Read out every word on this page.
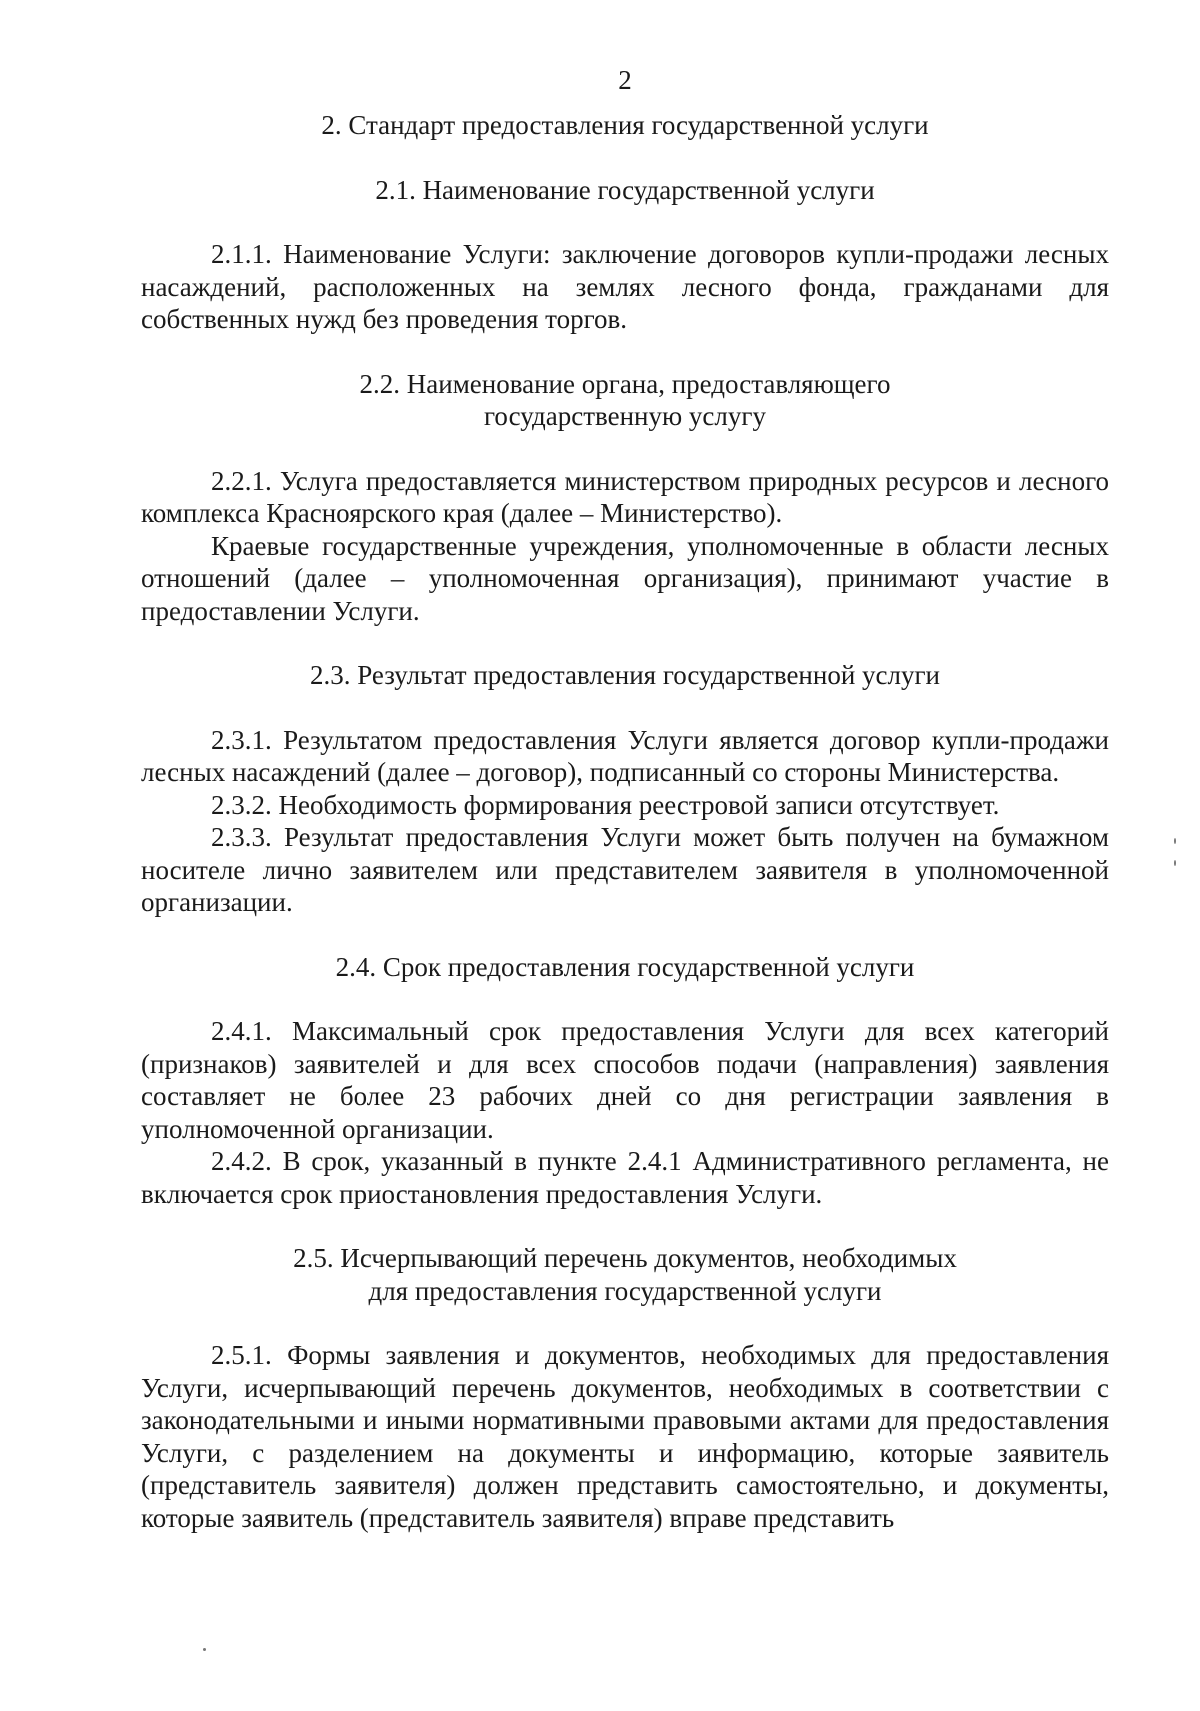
2
2. Стандарт предоставления государственной услуги
2.1. Наименование государственной услуги

2.1.1. Наименование Услуги: заключение договоров купли-продажи лесных насаждений, расположенных на землях лесного фонда, гражданами для собственных нужд без проведения торгов.

2.2. Наименование органа, предоставляющего
государственную услугу

2.2.1. Услуга предоставляется министерством природных ресурсов и лесного комплекса Красноярского края (далее – Министерство).

Краевые государственные учреждения, уполномоченные в области лесных отношений (далее – уполномоченная организация), принимают участие в предоставлении Услуги.

2.3. Результат предоставления государственной услуги

2.3.1. Результатом предоставления Услуги является договор купли-продажи лесных насаждений (далее – договор), подписанный со стороны Министерства.

2.3.2. Необходимость формирования реестровой записи отсутствует.

2.3.3. Результат предоставления Услуги может быть получен на бумажном носителе лично заявителем или представителем заявителя в уполномоченной организации.

2.4. Срок предоставления государственной услуги

2.4.1. Максимальный срок предоставления Услуги для всех категорий (признаков) заявителей и для всех способов подачи (направления) заявления составляет не более 23 рабочих дней со дня регистрации заявления в уполномоченной организации.

2.4.2. В срок, указанный в пункте 2.4.1 Административного регламента, не включается срок приостановления предоставления Услуги.

2.5. Исчерпывающий перечень документов, необходимых
для предоставления государственной услуги

2.5.1. Формы заявления и документов, необходимых для предоставления Услуги, исчерпывающий перечень документов, необходимых в соответствии с законодательными и иными нормативными правовыми актами для предоставления Услуги, с разделением на документы и информацию, которые заявитель (представитель заявителя) должен представить самостоятельно, и документы, которые заявитель (представитель заявителя) вправе представить
